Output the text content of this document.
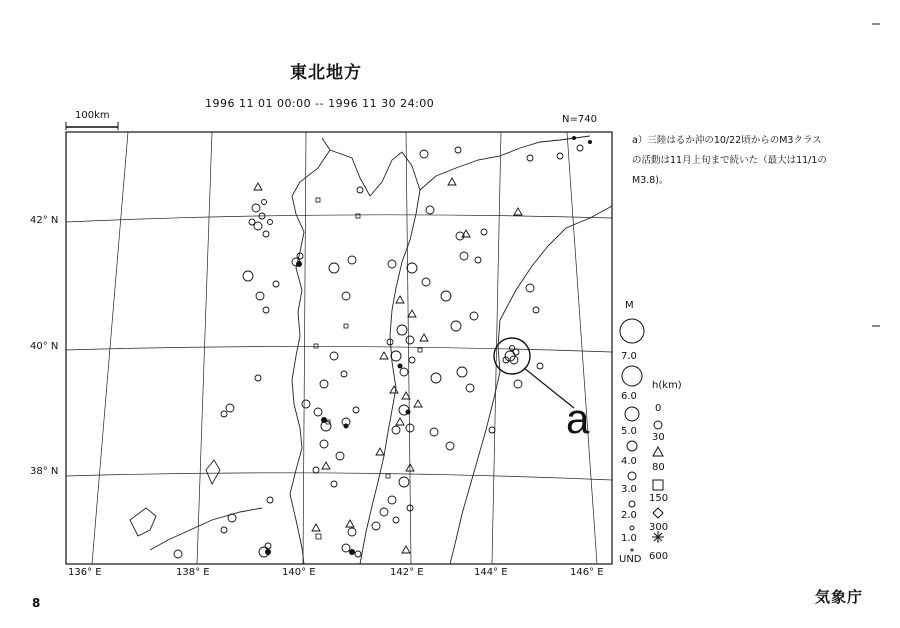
東北地方
1996 11 01 00:00 -- 1996 11 30 24:00
N=740
100km
42° N
40° N
38° N
136° E	138° E	140° E	142° E	144° E	146° E
a）三陸はるか沖の10/22頃からのM3クラス
の活動は11月上旬まで続いた（最大は11/1の
M3.8)。
a
M
7.0
6.0
5.0
4.0
3.0
2.0
1.0
UND
h(km)
0
30
80
150
300
600
気象庁
8
